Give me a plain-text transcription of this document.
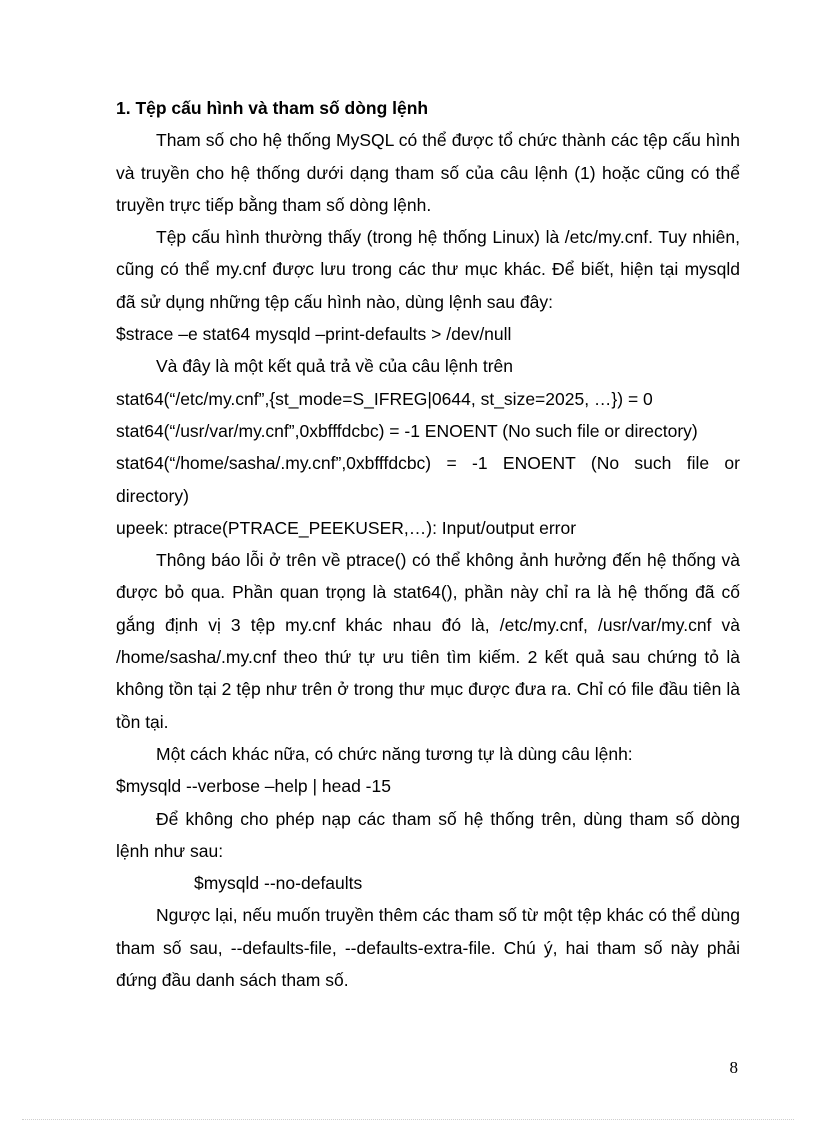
1. Tệp cấu hình và tham số dòng lệnh

Tham số cho hệ thống MySQL có thể được tổ chức thành các tệp cấu hình và truyền cho hệ thống dưới dạng tham số của câu lệnh (1) hoặc cũng có thể truyền trực tiếp bằng tham số dòng lệnh.

Tệp cấu hình thường thấy (trong hệ thống Linux) là /etc/my.cnf. Tuy nhiên, cũng có thể my.cnf được lưu trong các thư mục khác. Để biết, hiện tại mysqld đã sử dụng những tệp cấu hình nào, dùng lệnh sau đây:

$strace –e stat64 mysqld –print-defaults > /dev/null

Và đây là một kết quả trả về của câu lệnh trên

stat64(“/etc/my.cnf”,{st_mode=S_IFREG|0644, st_size=2025, …}) = 0

stat64(“/usr/var/my.cnf”,0xbfffdcbc) = -1 ENOENT (No such file or directory)

stat64(“/home/sasha/.my.cnf”,0xbfffdcbc) = -1 ENOENT (No such file or directory)

upeek: ptrace(PTRACE_PEEKUSER,…): Input/output error

Thông báo lỗi ở trên về ptrace() có thể không ảnh hưởng đến hệ thống và được bỏ qua. Phần quan trọng là stat64(), phần này chỉ ra là hệ thống đã cố gắng định vị 3 tệp my.cnf khác nhau đó là, /etc/my.cnf, /usr/var/my.cnf và /home/sasha/.my.cnf theo thứ tự ưu tiên tìm kiếm. 2 kết quả sau chứng tỏ là không tồn tại 2 tệp như trên ở trong thư mục được đưa ra. Chỉ có file đầu tiên là tồn tại.

Một cách khác nữa, có chức năng tương tự là dùng câu lệnh:

$mysqld --verbose –help | head -15

Để không cho phép nạp các tham số hệ thống trên, dùng tham số dòng lệnh như sau:

$mysqld --no-defaults

Ngược lại, nếu muốn truyền thêm các tham số từ một tệp khác có thể dùng tham số sau, --defaults-file, --defaults-extra-file. Chú ý, hai tham số này phải đứng đầu danh sách tham số.

8
